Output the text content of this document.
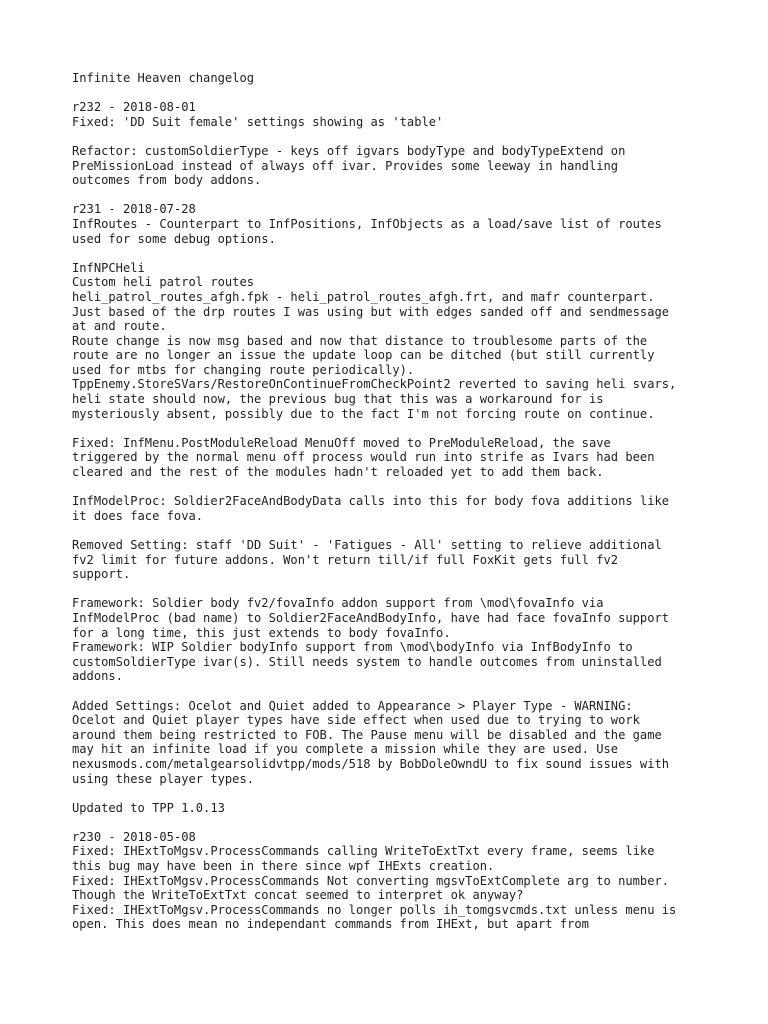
Infinite Heaven changelog
r232 - 2018-08-01
Fixed: 'DD Suit female' settings showing as 'table'
Refactor: customSoldierType - keys off igvars bodyType and bodyTypeExtend on
PreMissionLoad instead of always off ivar. Provides some leeway in handling
outcomes from body addons.
r231 - 2018-07-28
InfRoutes - Counterpart to InfPositions, InfObjects as a load/save list of routes
used for some debug options.
InfNPCHeli
Custom heli patrol routes
heli_patrol_routes_afgh.fpk - heli_patrol_routes_afgh.frt, and mafr counterpart.
Just based of the drp routes I was using but with edges sanded off and sendmessage
at and route.
Route change is now msg based and now that distance to troublesome parts of the
route are no longer an issue the update loop can be ditched (but still currently
used for mtbs for changing route periodically).
TppEnemy.StoreSVars/RestoreOnContinueFromCheckPoint2 reverted to saving heli svars,
heli state should now, the previous bug that this was a workaround for is
mysteriously absent, possibly due to the fact I'm not forcing route on continue.
Fixed: InfMenu.PostModuleReload MenuOff moved to PreModuleReload, the save
triggered by the normal menu off process would run into strife as Ivars had been
cleared and the rest of the modules hadn't reloaded yet to add them back.
InfModelProc: Soldier2FaceAndBodyData calls into this for body fova additions like
it does face fova.
Removed Setting: staff 'DD Suit' - 'Fatigues - All' setting to relieve additional
fv2 limit for future addons. Won't return till/if full FoxKit gets full fv2
support.
Framework: Soldier body fv2/fovaInfo addon support from \mod\fovaInfo via
InfModelProc (bad name) to Soldier2FaceAndBodyInfo, have had face fovaInfo support
for a long time, this just extends to body fovaInfo.
Framework: WIP Soldier bodyInfo support from \mod\bodyInfo via InfBodyInfo to
customSoldierType ivar(s). Still needs system to handle outcomes from uninstalled
addons.
Added Settings: Ocelot and Quiet added to Appearance > Player Type - WARNING:
Ocelot and Quiet player types have side effect when used due to trying to work
around them being restricted to FOB. The Pause menu will be disabled and the game
may hit an infinite load if you complete a mission while they are used. Use
nexusmods.com/metalgearsolidvtpp/mods/518 by BobDoleOwndU to fix sound issues with
using these player types.
Updated to TPP 1.0.13
r230 - 2018-05-08
Fixed: IHExtToMgsv.ProcessCommands calling WriteToExtTxt every frame, seems like
this bug may have been in there since wpf IHExts creation.
Fixed: IHExtToMgsv.ProcessCommands Not converting mgsvToExtComplete arg to number.
Though the WriteToExtTxt concat seemed to interpret ok anyway?
Fixed: IHExtToMgsv.ProcessCommands no longer polls ih_tomgsvcmds.txt unless menu is
open. This does mean no independant commands from IHExt, but apart from
